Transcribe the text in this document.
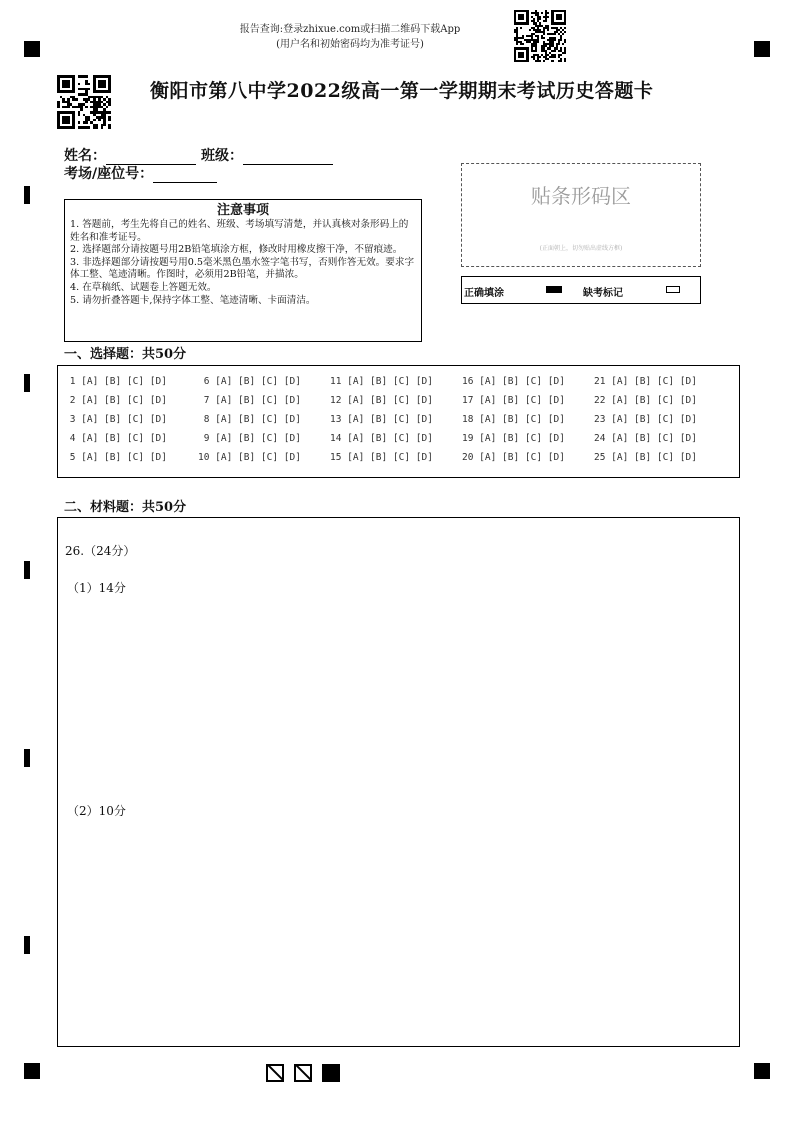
报告查询:登录zhixue.com或扫描二维码下载App
(用户名和初始密码均为准考证号)
衡阳市第八中学2022级高一第一学期期末考试历史答题卡
姓名：	班级：
考场/座位号：
注意事项
1. 答题前，考生先将自己的姓名、班级、考场填写清楚，并认真核对条形码上的姓名和准考证号。
2. 选择题部分请按题号用2B铅笔填涂方框，修改时用橡皮擦干净，不留痕迹。
3. 非选择题部分请按题号用0.5毫米黑色墨水签字笔书写，否则作答无效。要求字体工整、笔迹清晰。作图时，必须用2B铅笔，并描浓。
4. 在草稿纸、试题卷上答题无效。
5. 请勿折叠答题卡,保持字体工整、笔迹清晰、卡面清洁。
贴条形码区
(正面朝上，切勿贴出虚线方框)
正确填涂	缺考标记
一、选择题：共50分
1 [A] [B] [C] [D]
2 [A] [B] [C] [D]
3 [A] [B] [C] [D]
4 [A] [B] [C] [D]
5 [A] [B] [C] [D]
6 [A] [B] [C] [D]
7 [A] [B] [C] [D]
8 [A] [B] [C] [D]
9 [A] [B] [C] [D]
10 [A] [B] [C] [D]
11 [A] [B] [C] [D]
12 [A] [B] [C] [D]
13 [A] [B] [C] [D]
14 [A] [B] [C] [D]
15 [A] [B] [C] [D]
16 [A] [B] [C] [D]
17 [A] [B] [C] [D]
18 [A] [B] [C] [D]
19 [A] [B] [C] [D]
20 [A] [B] [C] [D]
21 [A] [B] [C] [D]
22 [A] [B] [C] [D]
23 [A] [B] [C] [D]
24 [A] [B] [C] [D]
25 [A] [B] [C] [D]
二、材料题：共50分
26.（24分）
（1）14分
（2）10分
